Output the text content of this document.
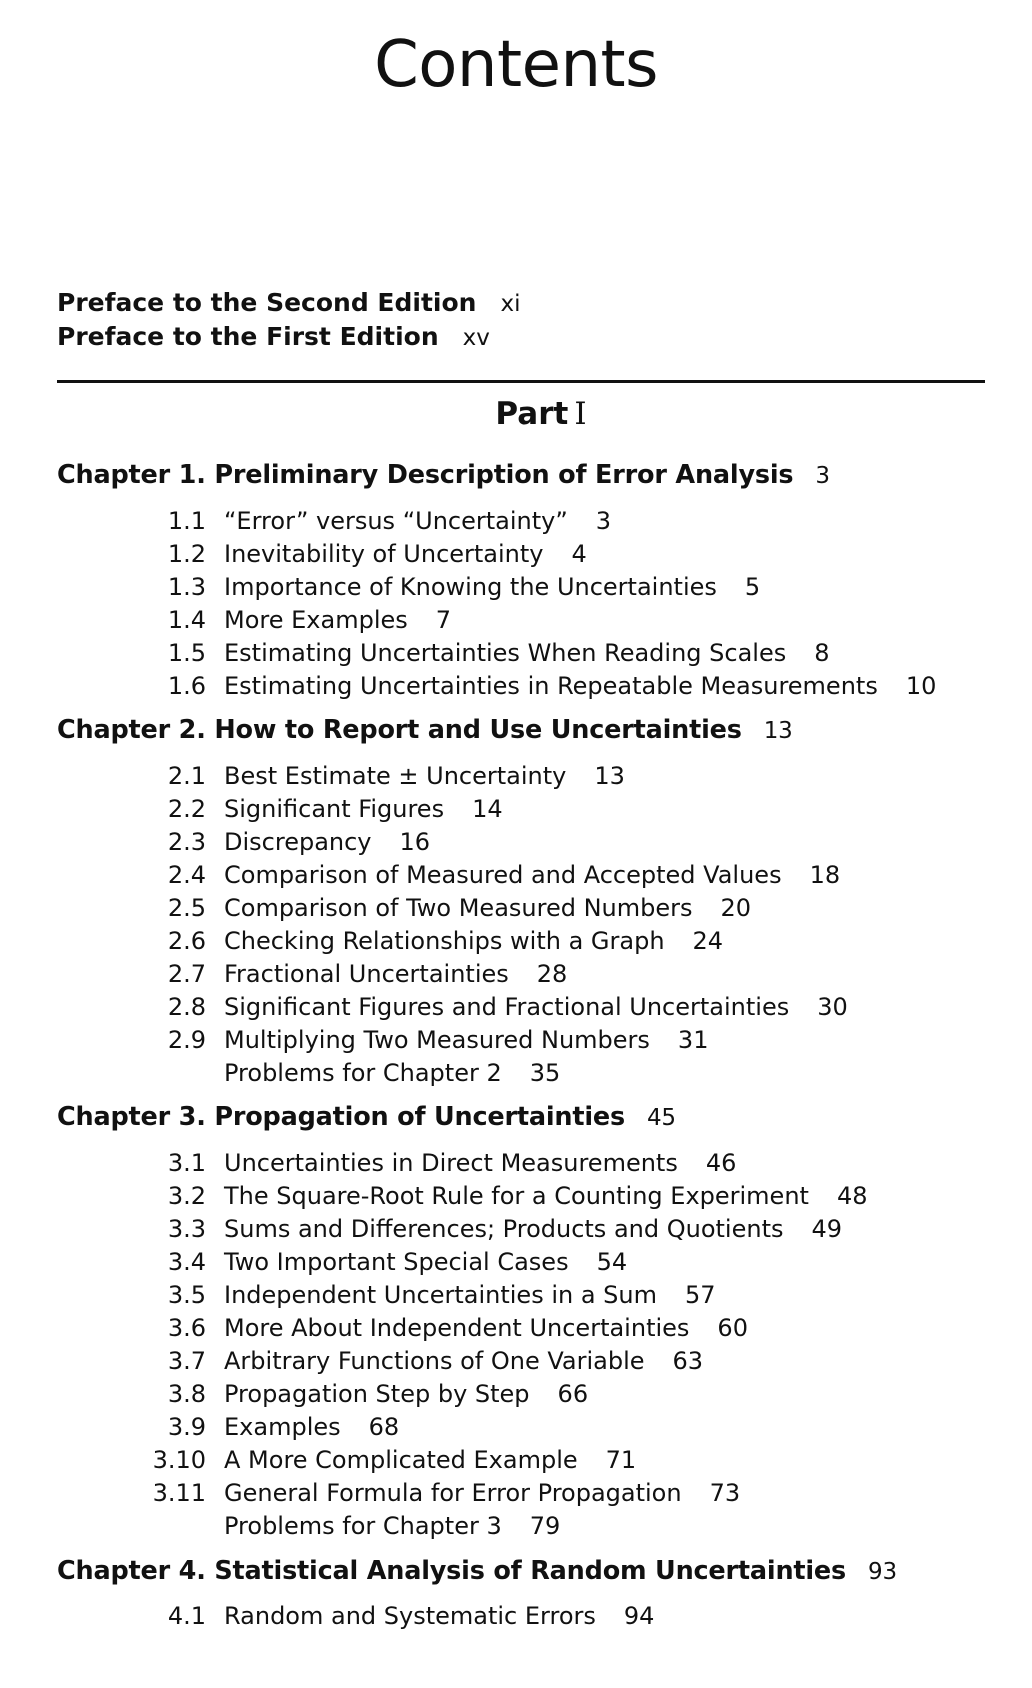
Contents
Preface to the Second Edition xi
Preface to the First Edition xv
Part I
Chapter 1. Preliminary Description of Error Analysis 3
1.1 “Error” versus “Uncertainty” 3
1.2 Inevitability of Uncertainty 4
1.3 Importance of Knowing the Uncertainties 5
1.4 More Examples 7
1.5 Estimating Uncertainties When Reading Scales 8
1.6 Estimating Uncertainties in Repeatable Measurements 10
Chapter 2. How to Report and Use Uncertainties 13
2.1 Best Estimate ± Uncertainty 13
2.2 Significant Figures 14
2.3 Discrepancy 16
2.4 Comparison of Measured and Accepted Values 18
2.5 Comparison of Two Measured Numbers 20
2.6 Checking Relationships with a Graph 24
2.7 Fractional Uncertainties 28
2.8 Significant Figures and Fractional Uncertainties 30
2.9 Multiplying Two Measured Numbers 31
Problems for Chapter 2 35
Chapter 3. Propagation of Uncertainties 45
3.1 Uncertainties in Direct Measurements 46
3.2 The Square-Root Rule for a Counting Experiment 48
3.3 Sums and Differences; Products and Quotients 49
3.4 Two Important Special Cases 54
3.5 Independent Uncertainties in a Sum 57
3.6 More About Independent Uncertainties 60
3.7 Arbitrary Functions of One Variable 63
3.8 Propagation Step by Step 66
3.9 Examples 68
3.10 A More Complicated Example 71
3.11 General Formula for Error Propagation 73
Problems for Chapter 3 79
Chapter 4. Statistical Analysis of Random Uncertainties 93
4.1 Random and Systematic Errors 94
